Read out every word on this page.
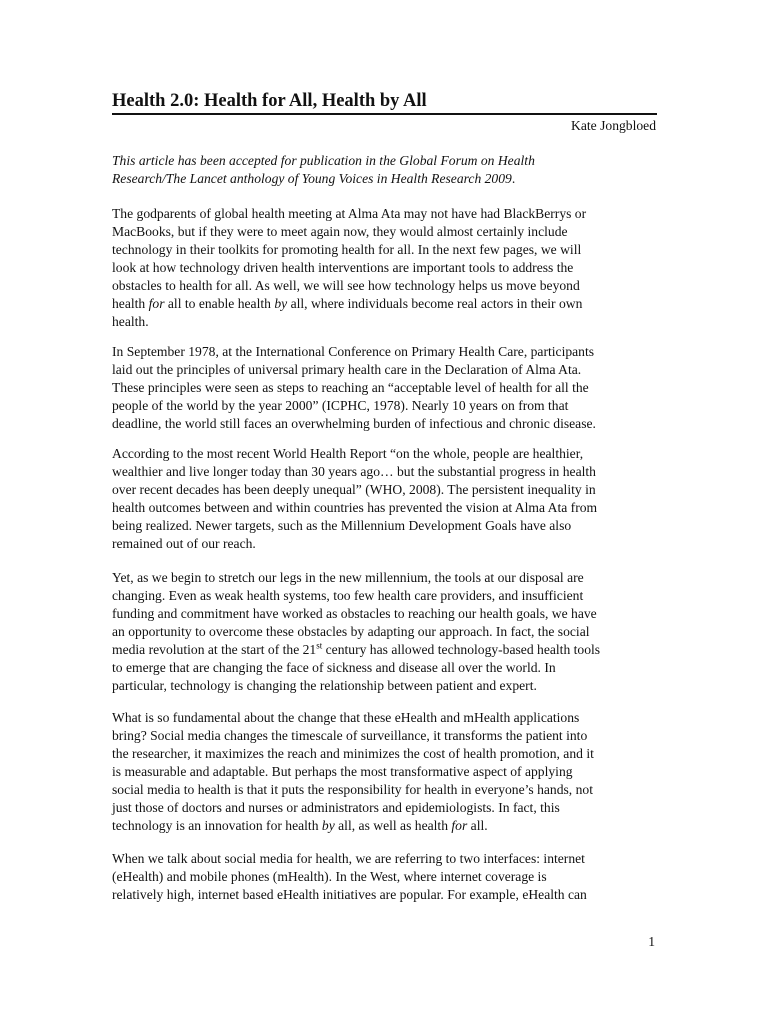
Health 2.0: Health for All, Health by All
Kate Jongbloed

This article has been accepted for publication in the Global Forum on Health
Research/The Lancet anthology of Young Voices in Health Research 2009.

The godparents of global health meeting at Alma Ata may not have had BlackBerrys or
MacBooks, but if they were to meet again now, they would almost certainly include
technology in their toolkits for promoting health for all. In the next few pages, we will
look at how technology driven health interventions are important tools to address the
obstacles to health for all. As well, we will see how technology helps us move beyond
health for all to enable health by all, where individuals become real actors in their own
health.

In September 1978, at the International Conference on Primary Health Care, participants
laid out the principles of universal primary health care in the Declaration of Alma Ata.
These principles were seen as steps to reaching an “acceptable level of health for all the
people of the world by the year 2000” (ICPHC, 1978). Nearly 10 years on from that
deadline, the world still faces an overwhelming burden of infectious and chronic disease.

According to the most recent World Health Report “on the whole, people are healthier,
wealthier and live longer today than 30 years ago… but the substantial progress in health
over recent decades has been deeply unequal” (WHO, 2008). The persistent inequality in
health outcomes between and within countries has prevented the vision at Alma Ata from
being realized. Newer targets, such as the Millennium Development Goals have also
remained out of our reach.

Yet, as we begin to stretch our legs in the new millennium, the tools at our disposal are
changing. Even as weak health systems, too few health care providers, and insufficient
funding and commitment have worked as obstacles to reaching our health goals, we have
an opportunity to overcome these obstacles by adapting our approach. In fact, the social
media revolution at the start of the 21st century has allowed technology-based health tools
to emerge that are changing the face of sickness and disease all over the world. In
particular, technology is changing the relationship between patient and expert.

What is so fundamental about the change that these eHealth and mHealth applications
bring? Social media changes the timescale of surveillance, it transforms the patient into
the researcher, it maximizes the reach and minimizes the cost of health promotion, and it
is measurable and adaptable. But perhaps the most transformative aspect of applying
social media to health is that it puts the responsibility for health in everyone’s hands, not
just those of doctors and nurses or administrators and epidemiologists. In fact, this
technology is an innovation for health by all, as well as health for all.

When we talk about social media for health, we are referring to two interfaces: internet
(eHealth) and mobile phones (mHealth). In the West, where internet coverage is
relatively high, internet based eHealth initiatives are popular. For example, eHealth can

1
